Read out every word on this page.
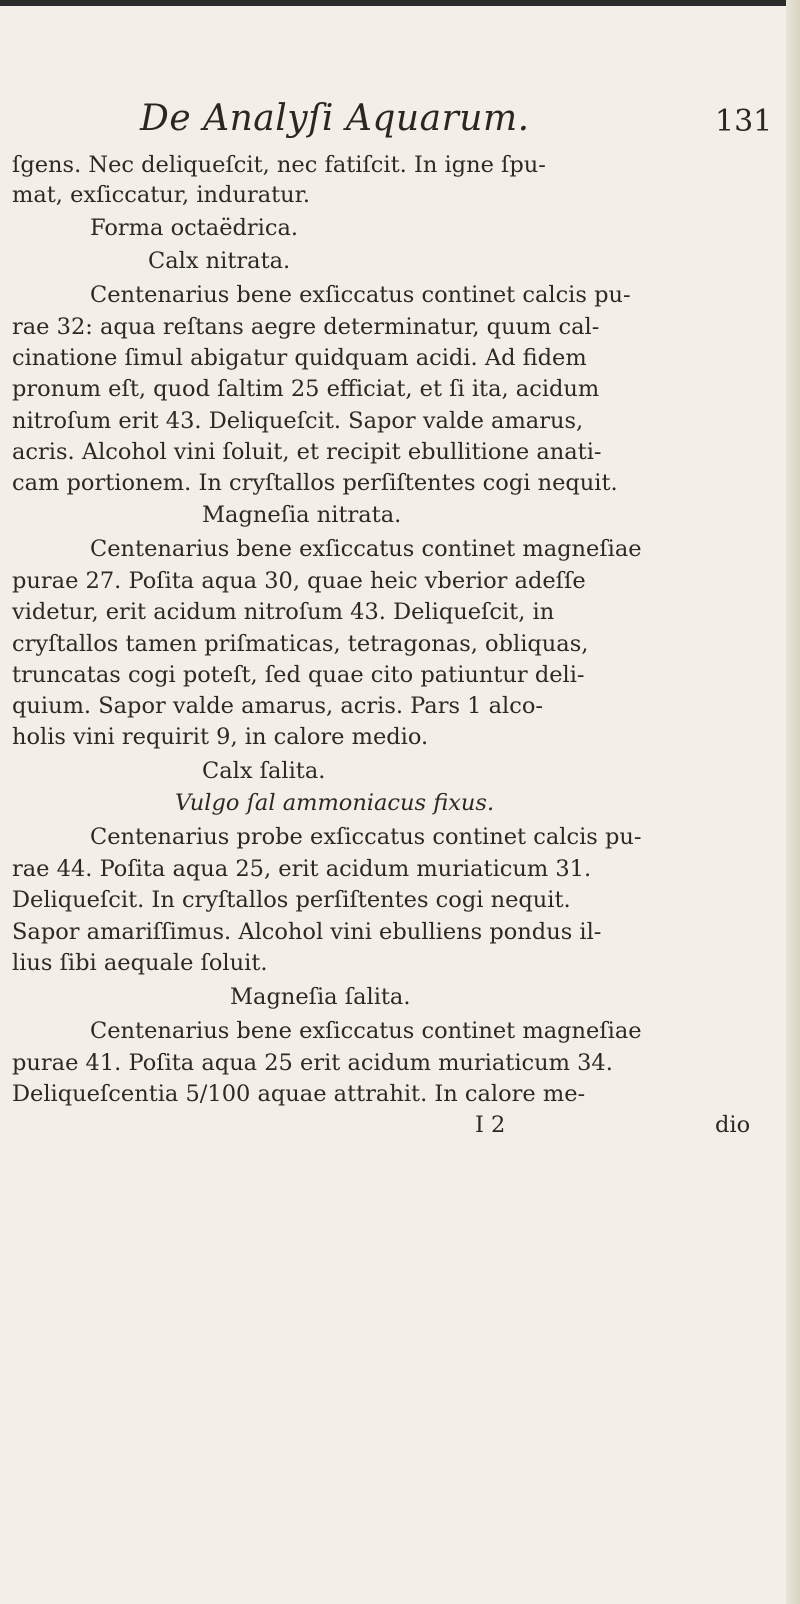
De Analyſi Aquarum.	131
ſgens. Nec deliqueſcit, nec fatiſcit. In igne ſpu-
mat, exſiccatur, induratur.
Forma octaëdrica.
Calx nitrata.
Centenarius bene exſiccatus continet calcis pu-
rae 32: aqua reſtans aegre determinatur, quum cal-
cinatione ſimul abigatur quidquam acidi. Ad fidem
pronum eſt, quod ſaltim 25 efficiat, et ſi ita, acidum
nitroſum erit 43. Deliqueſcit. Sapor valde amarus,
acris. Alcohol vini ſoluit, et recipit ebullitione anati-
cam portionem. In cryſtallos perſiſtentes cogi nequit.
Magneſia nitrata.
Centenarius bene exſiccatus continet magneſiae
purae 27. Poſita aqua 30, quae heic vberior adeſſe
videtur, erit acidum nitroſum 43. Deliqueſcit, in
cryſtallos tamen priſmaticas, tetragonas, obliquas,
truncatas cogi poteſt, ſed quae cito patiuntur deli-
quium. Sapor valde amarus, acris. Pars 1 alco-
holis vini requirit 9, in calore medio.
Calx ſalita.
Vulgo ſal ammoniacus fixus.
Centenarius probe exſiccatus continet calcis pu-
rae 44. Poſita aqua 25, erit acidum muriaticum 31.
Deliqueſcit. In cryſtallos perſiſtentes cogi nequit.
Sapor amariſſimus. Alcohol vini ebulliens pondus il-
lius ſibi aequale ſoluit.
Magneſia ſalita.
Centenarius bene exſiccatus continet magneſiae
purae 41. Poſita aqua 25 erit acidum muriaticum 34.
Deliqueſcentia 5/100 aquae attrahit. In calore me-
I 2	dio
